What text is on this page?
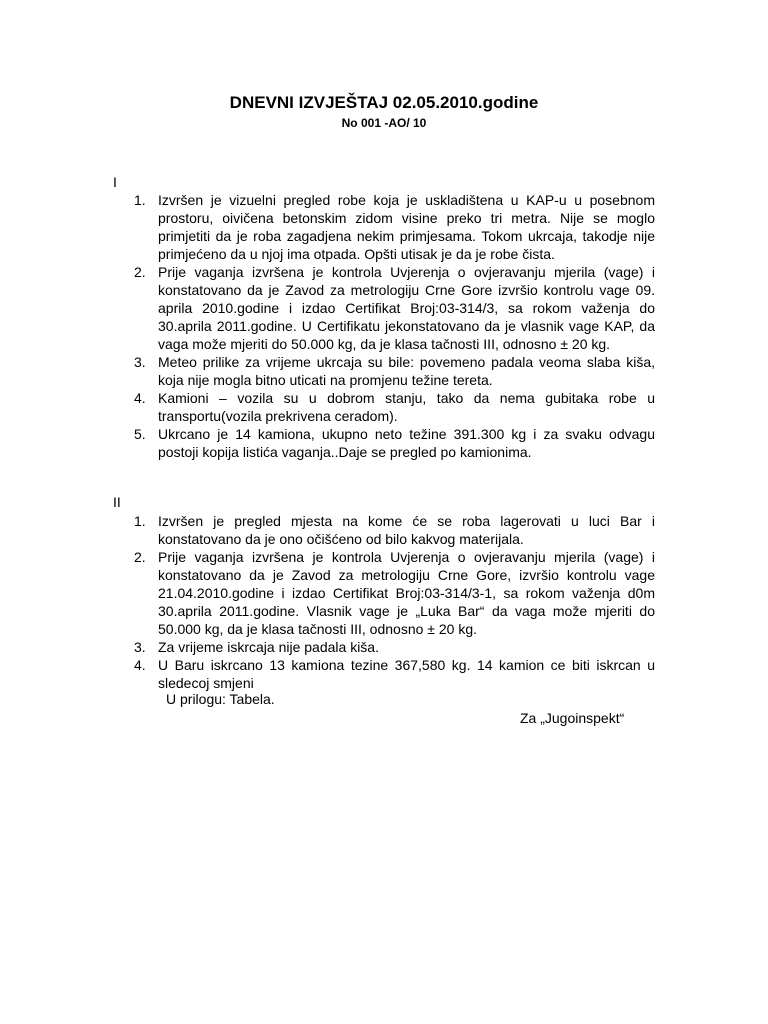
DNEVNI IZVJEŠTAJ 02.05.2010.godine
No 001 -AO/ 10
I
1. Izvršen je vizuelni pregled robe koja je uskladištena u KAP-u u posebnom prostoru, oivičena betonskim zidom visine preko tri metra. Nije se moglo primjetiti da je roba zagadjena nekim primjesama. Tokom ukrcaja, takodje nije primjećeno da u njoj ima otpada. Opšti utisak je da je robe čista.
2. Prije vaganja izvršena je kontrola Uvjerenja o ovjeravanju mjerila (vage) i konstatovano da je Zavod za metrologiju Crne Gore izvršio kontrolu vage 09. aprila 2010.godine i izdao Certifikat Broj:03-314/3, sa rokom važenja do 30.aprila 2011.godine. U Certifikatu jekonstatovano da je vlasnik vage KAP, da vaga može mjeriti do 50.000 kg, da je klasa tačnosti III, odnosno ± 20 kg.
3. Meteo prilike za vrijeme ukrcaja su bile: povemeno padala veoma slaba kiša, koja nije mogla bitno uticati na promjenu težine tereta.
4. Kamioni – vozila su u dobrom stanju, tako da nema gubitaka robe u transportu(vozila prekrivena ceradom).
5. Ukrcano je 14 kamiona, ukupno neto težine 391.300 kg i za svaku odvagu postoji kopija listića vaganja..Daje se pregled po kamionima.
II
1. Izvršen je pregled mjesta na kome će se roba lagerovati u luci Bar i konstatovano da je ono očišćeno od bilo kakvog materijala.
2. Prije vaganja izvršena je kontrola Uvjerenja o ovjeravanju mjerila (vage) i konstatovano da je Zavod za metrologiju Crne Gore, izvršio kontrolu vage 21.04.2010.godine i izdao Certifikat Broj:03-314/3-1, sa rokom važenja d0m 30.aprila 2011.godine. Vlasnik vage je „Luka Bar“ da vaga može mjeriti do 50.000 kg, da je klasa tačnosti III, odnosno ± 20 kg.
3. Za vrijeme iskrcaja nije padala kiša.
4. U Baru iskrcano 13 kamiona tezine 367,580 kg. 14 kamion ce biti iskrcan u sledecoj smjeni
U prilogu: Tabela.
Za „Jugoinspekt“
